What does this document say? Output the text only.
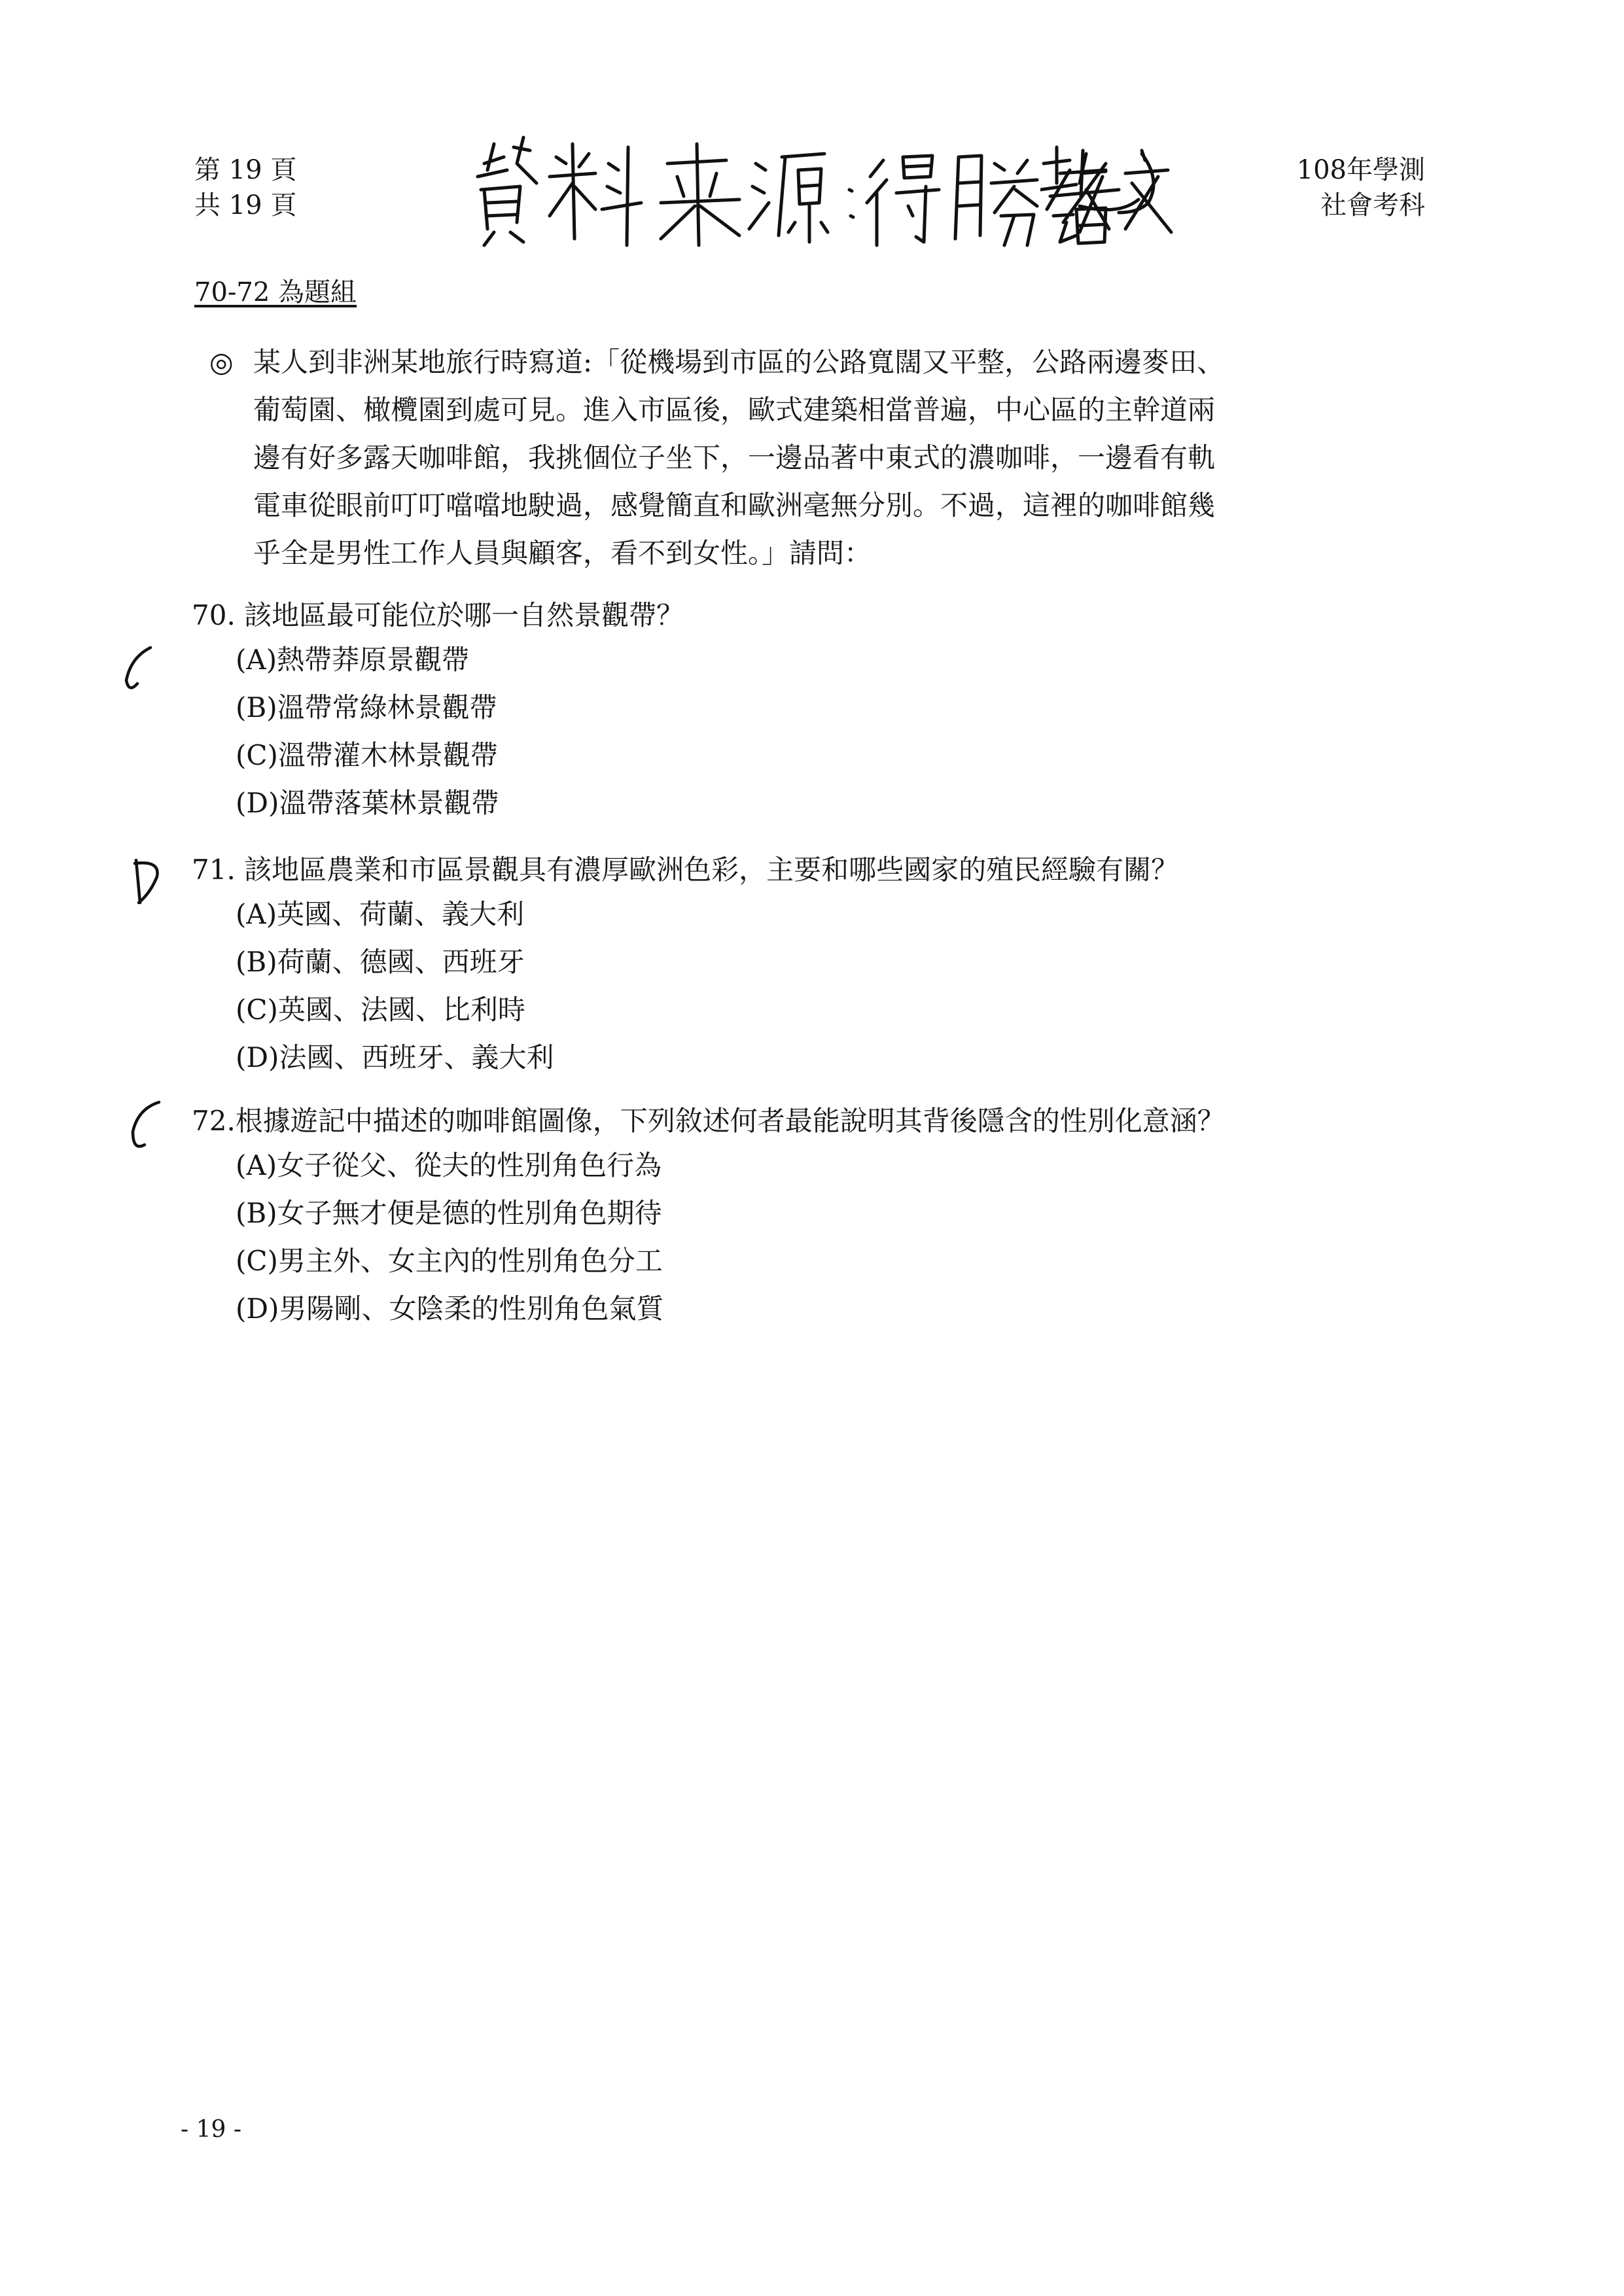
第 19 頁
共 19 頁
108年學測
社會考科
70-72 為題組
◎ 某人到非洲某地旅行時寫道:「從機場到市區的公路寬闊又平整，公路兩邊麥田、
葡萄園、橄欖園到處可見。進入市區後，歐式建築相當普遍，中心區的主幹道兩
邊有好多露天咖啡館，我挑個位子坐下，一邊品著中東式的濃咖啡，一邊看有軌
電車從眼前叮叮噹噹地駛過，感覺簡直和歐洲毫無分別。不過，這裡的咖啡館幾
乎全是男性工作人員與顧客，看不到女性。」請問：
70. 該地區最可能位於哪一自然景觀帶？
(A)熱帶莽原景觀帶
(B)溫帶常綠林景觀帶
(C)溫帶灌木林景觀帶
(D)溫帶落葉林景觀帶
71. 該地區農業和市區景觀具有濃厚歐洲色彩，主要和哪些國家的殖民經驗有關？
(A)英國、荷蘭、義大利
(B)荷蘭、德國、西班牙
(C)英國、法國、比利時
(D)法國、西班牙、義大利
72.根據遊記中描述的咖啡館圖像，下列敘述何者最能說明其背後隱含的性別化意涵？
(A)女子從父、從夫的性別角色行為
(B)女子無才便是德的性別角色期待
(C)男主外、女主內的性別角色分工
(D)男陽剛、女陰柔的性別角色氣質
- 19 -
